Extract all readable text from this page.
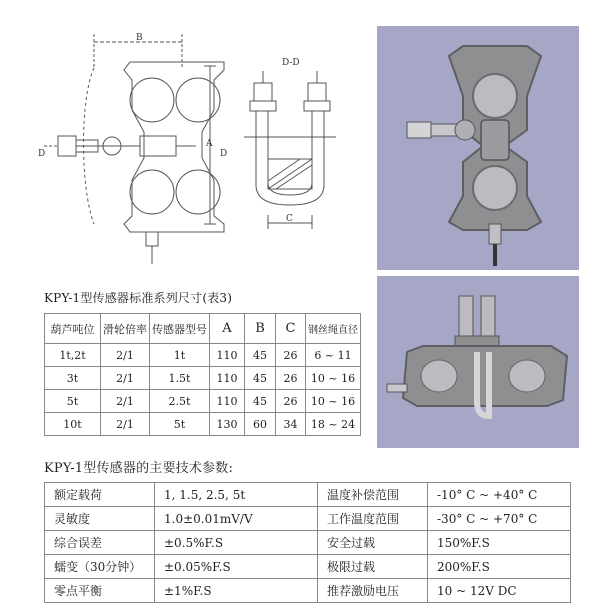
B
A
D	D
D-D
C
KPY-1型传感器标准系列尺寸(表3)
葫芦吨位	滑轮倍率	传感器型号	A	B	C	钢丝绳直径
1t,2t	2/1	1t	110	45	26	6 ~ 11
3t	2/1	1.5t	110	45	26	10 ~ 16
5t	2/1	2.5t	110	45	26	10 ~ 16
10t	2/1	5t	130	60	34	18 ~ 24
KPY-1型传感器的主要技术参数:
额定载荷	1, 1.5, 2.5, 5t	温度补偿范围	-10° C ~ +40° C
灵敏度	1.0±0.01mV/V	工作温度范围	-30° C ~ +70° C
综合误差	±0.5%F.S	安全过载	150%F.S
蠕变（30分钟）	±0.05%F.S	极限过载	200%F.S
零点平衡	±1%F.S	推荐激励电压	10 ~ 12V DC
